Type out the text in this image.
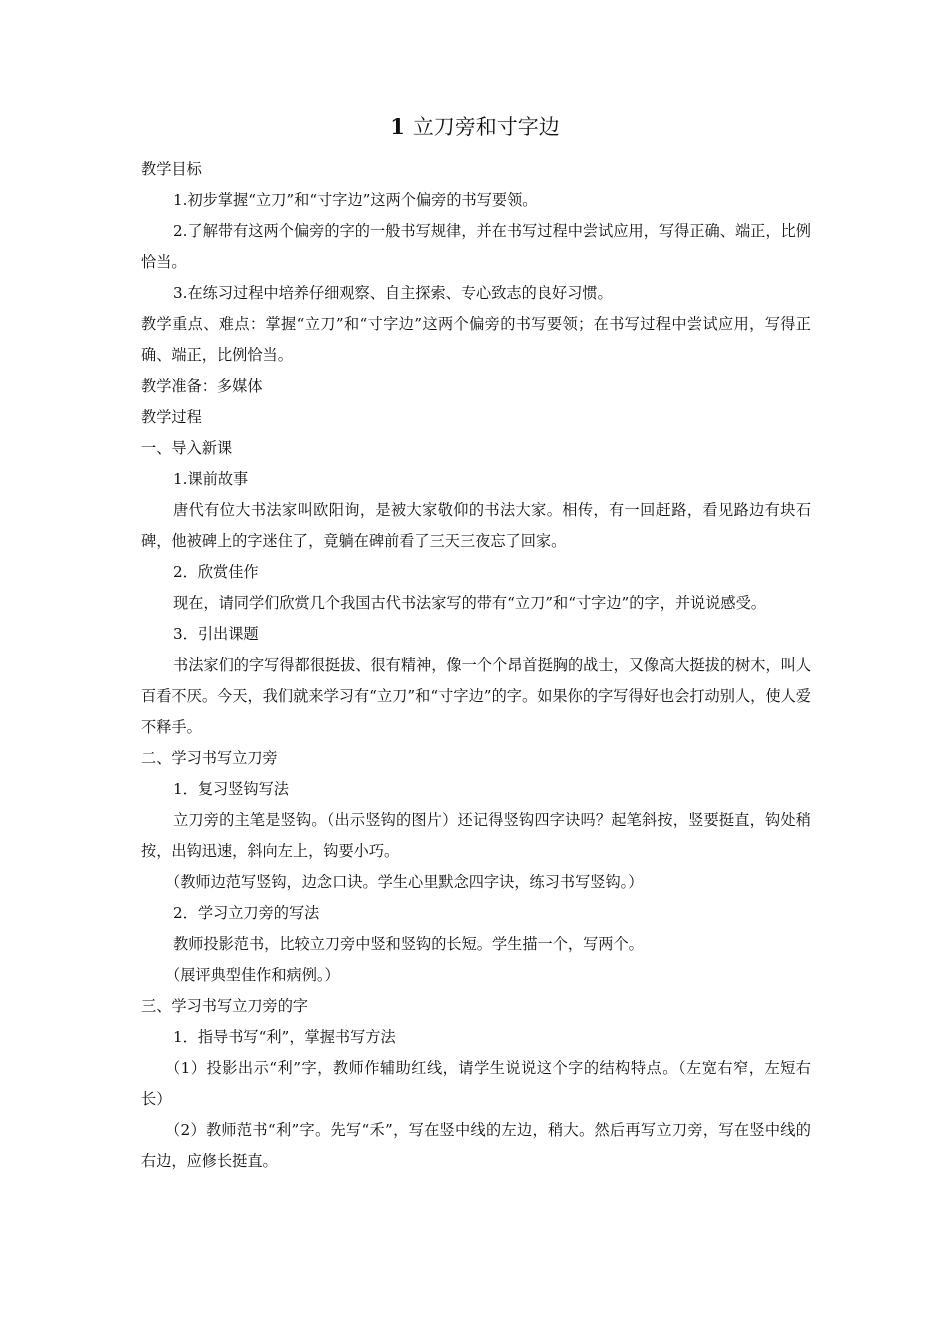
1 立刀旁和寸字边

教学目标

1.初步掌握“立刀”和“寸字边”这两个偏旁的书写要领。

2.了解带有这两个偏旁的字的一般书写规律，并在书写过程中尝试应用，写得正确、端正，比例恰当。

3.在练习过程中培养仔细观察、自主探索、专心致志的良好习惯。

教学重点、难点：掌握“立刀”和“寸字边”这两个偏旁的书写要领；在书写过程中尝试应用，写得正确、端正，比例恰当。

教学准备：多媒体

教学过程

一、导入新课

1.课前故事

唐代有位大书法家叫欧阳询，是被大家敬仰的书法大家。相传，有一回赶路，看见路边有块石碑，他被碑上的字迷住了，竟躺在碑前看了三天三夜忘了回家。

2．欣赏佳作

现在，请同学们欣赏几个我国古代书法家写的带有“立刀”和“寸字边”的字，并说说感受。

3．引出课题

书法家们的字写得都很挺拔、很有精神，像一个个昂首挺胸的战士，又像高大挺拔的树木，叫人百看不厌。今天，我们就来学习有“立刀”和“寸字边”的字。如果你的字写得好也会打动别人，使人爱不释手。

二、学习书写立刀旁

1．复习竖钩写法

立刀旁的主笔是竖钩。（出示竖钩的图片）还记得竖钩四字诀吗？起笔斜按，竖要挺直，钩处稍按，出钩迅速，斜向左上，钩要小巧。

（教师边范写竖钩，边念口诀。学生心里默念四字诀，练习书写竖钩。）

2．学习立刀旁的写法

教师投影范书，比较立刀旁中竖和竖钩的长短。学生描一个，写两个。

（展评典型佳作和病例。）

三、学习书写立刀旁的字

1．指导书写“利”，掌握书写方法

（1）投影出示“利”字，教师作辅助红线，请学生说说这个字的结构特点。（左宽右窄，左短右长）

（2）教师范书“利”字。先写“禾”，写在竖中线的左边，稍大。然后再写立刀旁，写在竖中线的右边，应修长挺直。
